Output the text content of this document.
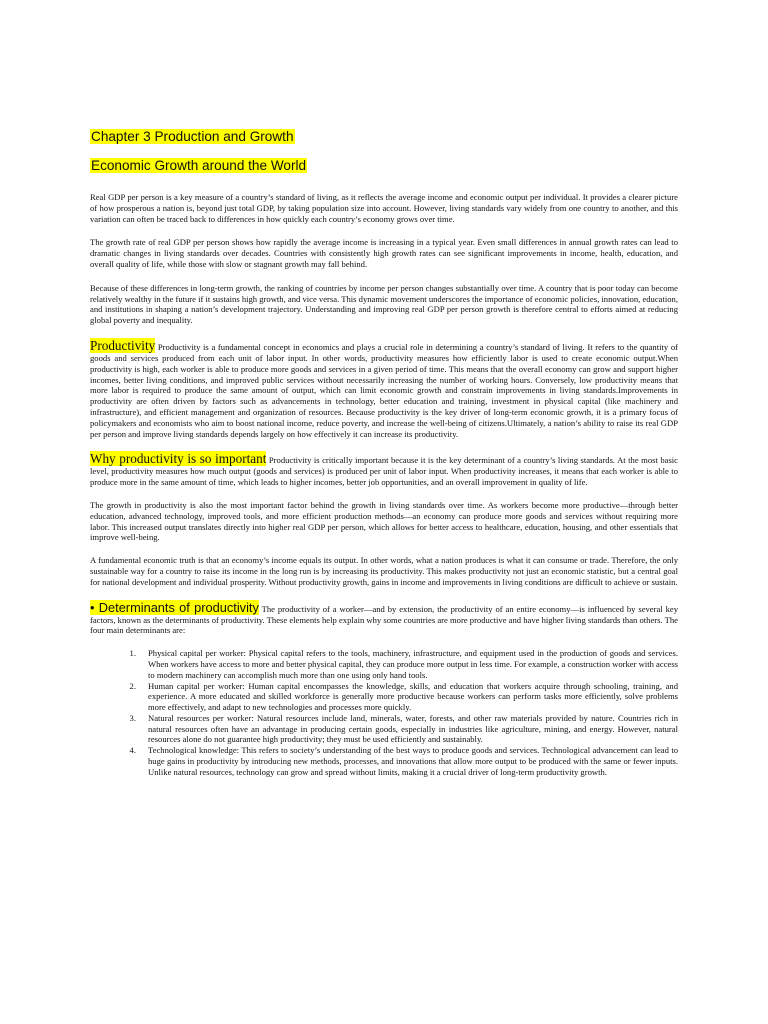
Chapter 3 Production and Growth
Economic Growth around the World

Real GDP per person is a key measure of a country’s standard of living, as it reflects the average income and economic output per individual. It provides a clearer picture of how prosperous a nation is, beyond just total GDP, by taking population size into account. However, living standards vary widely from one country to another, and this variation can often be traced back to differences in how quickly each country’s economy grows over time.

The growth rate of real GDP per person shows how rapidly the average income is increasing in a typical year. Even small differences in annual growth rates can lead to dramatic changes in living standards over decades. Countries with consistently high growth rates can see significant improvements in income, health, education, and overall quality of life, while those with slow or stagnant growth may fall behind.

Because of these differences in long-term growth, the ranking of countries by income per person changes substantially over time. A country that is poor today can become relatively wealthy in the future if it sustains high growth, and vice versa. This dynamic movement underscores the importance of economic policies, innovation, education, and institutions in shaping a nation’s development trajectory. Understanding and improving real GDP per person growth is therefore central to efforts aimed at reducing global poverty and inequality.

Productivity Productivity is a fundamental concept in economics and plays a crucial role in determining a country’s standard of living. It refers to the quantity of goods and services produced from each unit of labor input. In other words, productivity measures how efficiently labor is used to create economic output.When productivity is high, each worker is able to produce more goods and services in a given period of time. This means that the overall economy can grow and support higher incomes, better living conditions, and improved public services without necessarily increasing the number of working hours. Conversely, low productivity means that more labor is required to produce the same amount of output, which can limit economic growth and constrain improvements in living standards.Improvements in productivity are often driven by factors such as advancements in technology, better education and training, investment in physical capital (like machinery and infrastructure), and efficient management and organization of resources. Because productivity is the key driver of long-term economic growth, it is a primary focus of policymakers and economists who aim to boost national income, reduce poverty, and increase the well-being of citizens.Ultimately, a nation’s ability to raise its real GDP per person and improve living standards depends largely on how effectively it can increase its productivity.

Why productivity is so important Productivity is critically important because it is the key determinant of a country’s living standards. At the most basic level, productivity measures how much output (goods and services) is produced per unit of labor input. When productivity increases, it means that each worker is able to produce more in the same amount of time, which leads to higher incomes, better job opportunities, and an overall improvement in quality of life.

The growth in productivity is also the most important factor behind the growth in living standards over time. As workers become more productive—through better education, advanced technology, improved tools, and more efficient production methods—an economy can produce more goods and services without requiring more labor. This increased output translates directly into higher real GDP per person, which allows for better access to healthcare, education, housing, and other essentials that improve well-being.

A fundamental economic truth is that an economy’s income equals its output. In other words, what a nation produces is what it can consume or trade. Therefore, the only sustainable way for a country to raise its income in the long run is by increasing its productivity. This makes productivity not just an economic statistic, but a central goal for national development and individual prosperity. Without productivity growth, gains in income and improvements in living conditions are difficult to achieve or sustain.

• Determinants of productivity The productivity of a worker—and by extension, the productivity of an entire economy—is influenced by several key factors, known as the determinants of productivity. These elements help explain why some countries are more productive and have higher living standards than others. The four main determinants are:

1. Physical capital per worker: Physical capital refers to the tools, machinery, infrastructure, and equipment used in the production of goods and services. When workers have access to more and better physical capital, they can produce more output in less time. For example, a construction worker with access to modern machinery can accomplish much more than one using only hand tools.
2. Human capital per worker: Human capital encompasses the knowledge, skills, and education that workers acquire through schooling, training, and experience. A more educated and skilled workforce is generally more productive because workers can perform tasks more efficiently, solve problems more effectively, and adapt to new technologies and processes more quickly.
3. Natural resources per worker: Natural resources include land, minerals, water, forests, and other raw materials provided by nature. Countries rich in natural resources often have an advantage in producing certain goods, especially in industries like agriculture, mining, and energy. However, natural resources alone do not guarantee high productivity; they must be used efficiently and sustainably.
4. Technological knowledge: This refers to society’s understanding of the best ways to produce goods and services. Technological advancement can lead to huge gains in productivity by introducing new methods, processes, and innovations that allow more output to be produced with the same or fewer inputs. Unlike natural resources, technology can grow and spread without limits, making it a crucial driver of long-term productivity growth.
